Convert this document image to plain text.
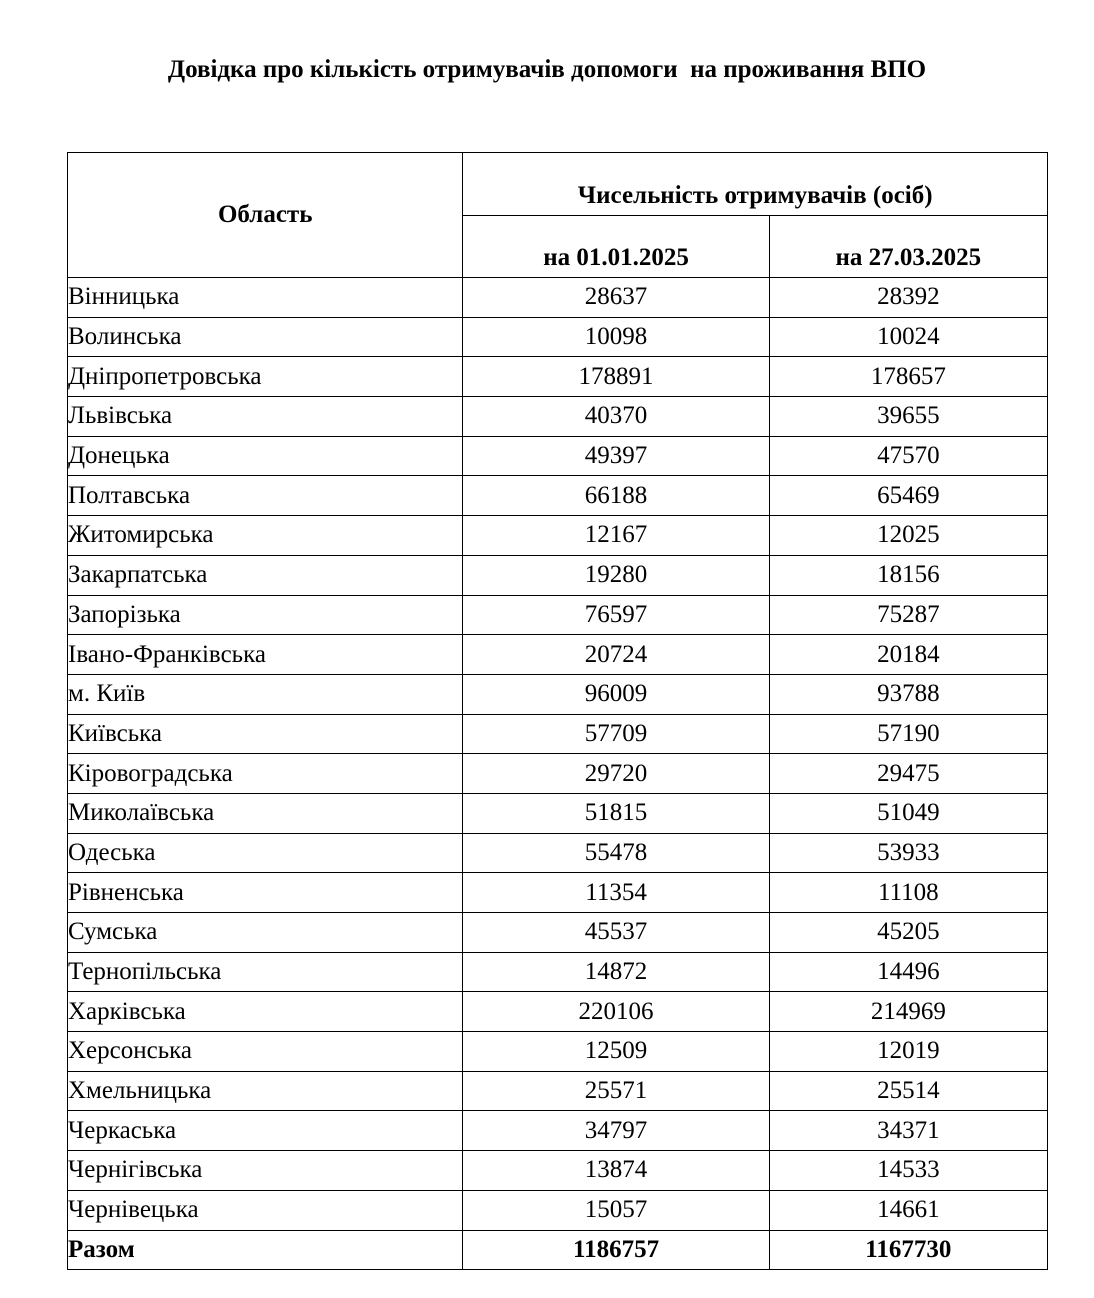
Довідка про кількість отримувачів допомоги  на проживання ВПО
Область	Чисельність отримувачів (осіб)	
	на 01.01.2025	на 27.03.2025
Вінницька	28637	28392
Волинська	10098	10024
Дніпропетровська	178891	178657
Львівська	40370	39655
Донецька	49397	47570
Полтавська	66188	65469
Житомирська	12167	12025
Закарпатська	19280	18156
Запорізька	76597	75287
Івано-Франківська	20724	20184
м. Київ	96009	93788
Київська	57709	57190
Кіровоградська	29720	29475
Миколаївська	51815	51049
Одеська	55478	53933
Рівненська	11354	11108
Сумська	45537	45205
Тернопільська	14872	14496
Харківська	220106	214969
Херсонська	12509	12019
Хмельницька	25571	25514
Черкаська	34797	34371
Чернігівська	13874	14533
Чернівецька	15057	14661
Разом	1186757	1167730
